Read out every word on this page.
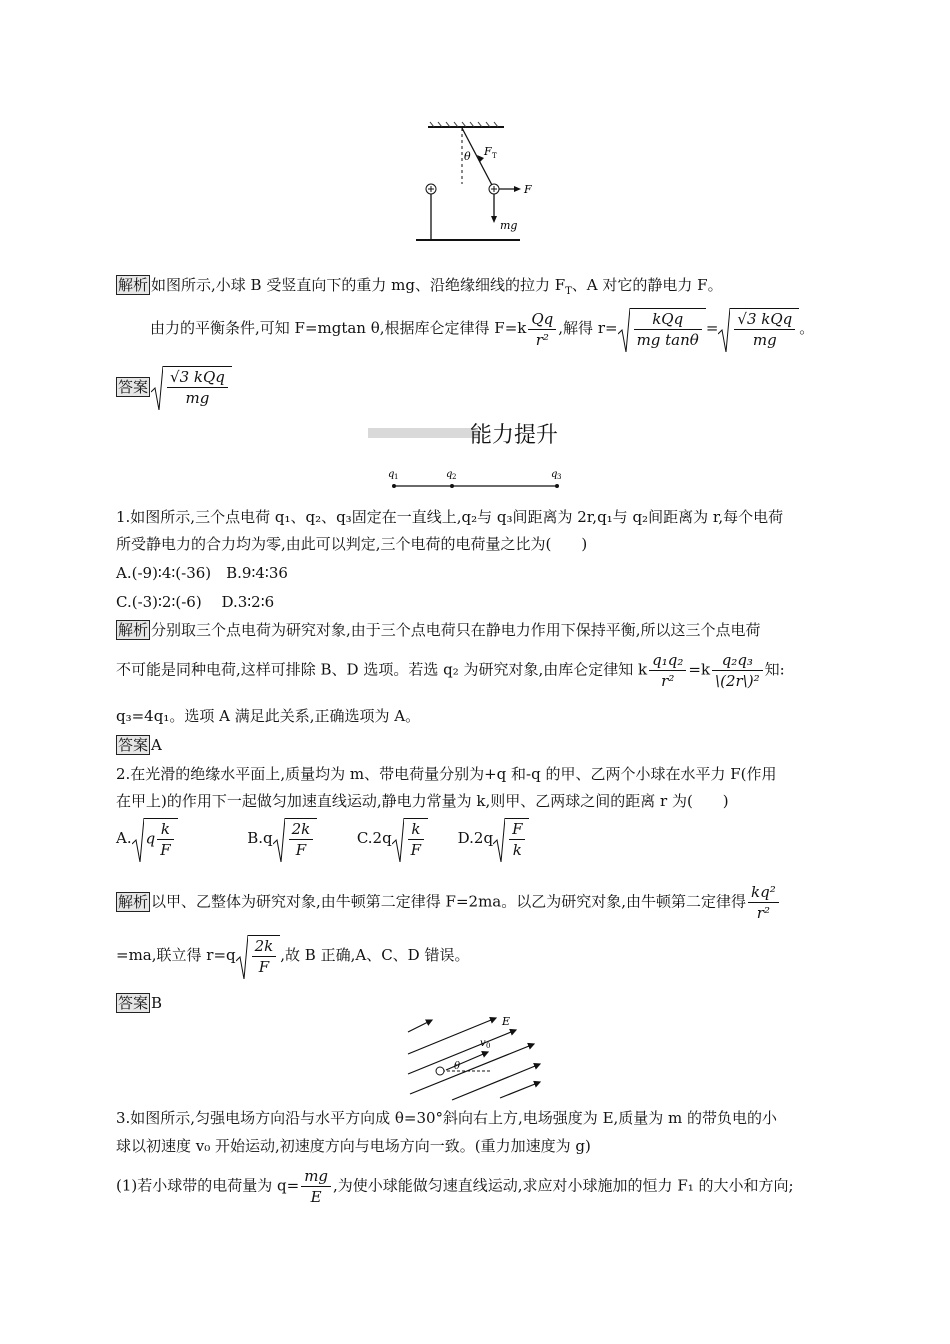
θ F T
F
mg
解析 如图所示,小球 B 受竖直向下的重力 mg、沿绝缘细线的拉力 $F_T$、A 对它的静电力 F。
由力的平衡条件,可知 F=mgtan θ,根据库仑定律得 $F=k \frac{Qq}{\text{r²}}$ ,解得 $r= \frac{\text{kQq}}{\text{mg tanθ}} = \frac{\text{√3 kQq}}{mg}$ 。
答案 $\frac{\text{√3 kQq}}{mg}$
能力提升
q 1	q 2	q 3
1.如图所示,三个点电荷 q₁、q₂、q₃固定在一直线上,q₂与 q₃间距离为 2r,q₁与 q₂间距离为 r,每个电荷
所受静电力的合力均为零,由此可以判定,三个电荷的电荷量之比为(　　)
A.(-9)∶4∶(-36)　B.9∶4∶36
C.(-3)∶2∶(-6)　 D.3∶2∶6
解析 分别取三个点电荷为研究对象,由于三个点电荷只在静电力作用下保持平衡,所以这三个点电荷
不可能是同种电荷,这样可排除 B、D 选项。若选 q₂ 为研究对象,由库仑定律知 k $\frac{\text{q₁q₂}}{\text{r²}} =k \frac{\text{q₂q₃}}{\text{\textbackslash{}(2r\textbackslash{})²}}$ 知:
q₃=4q₁。选项 A 满足此关系,正确选项为 A。
答案 A
2.在光滑的绝缘水平面上,质量均为 m、带电荷量分别为+q 和-q 的甲、乙两个小球在水平力 F(作用
在甲上)的作用下一起做匀加速直线运动,静电力常量为 k,则甲、乙两球之间的距离 r 为(　　)
A. q $\frac{k}{F}$	$B.q \frac{2k}{F}$	$C.2q \frac{k}{F} D.2q \frac{F}{k}$
解析 以甲、乙整体为研究对象,由牛顿第二定律得 F=2ma。以乙为研究对象,由牛顿第二定律得 $\frac{\text{kq²}}{\text{r²}}$
=ma,联立得 $r=q \frac{2k}{F}$ ,故 B 正确,A、C、D 错误。
答案 B
E
v 0
θ
3.如图所示,匀强电场方向沿与水平方向成 θ=30°斜向右上方,电场强度为 E,质量为 m 的带负电的小
球以初速度 v₀ 开始运动,初速度方向与电场方向一致。(重力加速度为 g)
(1)若小球带的电荷量为 $q= \frac{mg}{E}$ ,为使小球能做匀速直线运动,求应对小球施加的恒力 F₁ 的大小和方向;
